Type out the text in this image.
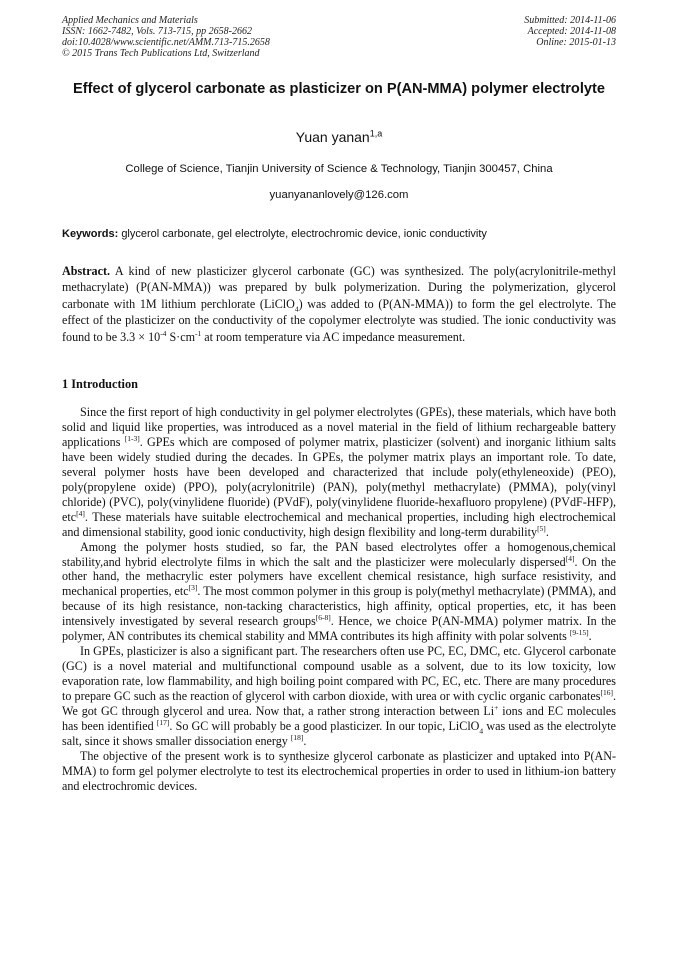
Applied Mechanics and Materials
ISSN: 1662-7482, Vols. 713-715, pp 2658-2662
doi:10.4028/www.scientific.net/AMM.713-715.2658
© 2015 Trans Tech Publications Ltd, Switzerland
Submitted: 2014-11-06
Accepted: 2014-11-08
Online: 2015-01-13
Effect of glycerol carbonate as plasticizer on P(AN-MMA) polymer electrolyte
Yuan yanan$^{1,a}$
College of Science, Tianjin University of Science & Technology, Tianjin 300457, China
yuanyananlovely@126.com
Keywords: glycerol carbonate, gel electrolyte, electrochromic device, ionic conductivity
Abstract. A kind of new plasticizer glycerol carbonate (GC) was synthesized. The poly(acrylonitrile-methyl methacrylate) (P(AN-MMA)) was prepared by bulk polymerization. During the polymerization, glycerol carbonate with 1M lithium perchlorate (LiClO$_4$) was added to (P(AN-MMA)) to form the gel electrolyte. The effect of the plasticizer on the conductivity of the copolymer electrolyte was studied. The ionic conductivity was found to be $3.3 \times 10^{-4}$ $S\cdot cm^{-1}$ at room temperature via AC impedance measurement.
1 Introduction

Since the first report of high conductivity in gel polymer electrolytes (GPEs), these materials, which have both solid and liquid like properties, was introduced as a novel material in the field of lithium rechargeable battery applications [1-3]. GPEs which are composed of polymer matrix, plasticizer (solvent) and inorganic lithium salts have been widely studied during the decades. In GPEs, the polymer matrix plays an important role. To date, several polymer hosts have been developed and characterized that include poly(ethyleneoxide) (PEO), poly(propylene oxide) (PPO), poly(acrylonitrile) (PAN), poly(methyl methacrylate) (PMMA), poly(vinyl chloride) (PVC), poly(vinylidene fluoride) (PVdF), poly(vinylidene fluoride-hexafluoro propylene) (PVdF-HFP), etc[4]. These materials have suitable electrochemical and mechanical properties, including high electrochemical and dimensional stability, good ionic conductivity, high design flexibility and long-term durability[5].

Among the polymer hosts studied, so far, the PAN based electrolytes offer a homogenous,chemical stability,and hybrid electrolyte films in which the salt and the plasticizer were molecularly dispersed[4]. On the other hand, the methacrylic ester polymers have excellent chemical resistance, high surface resistivity, and mechanical properties, etc[3]. The most common polymer in this group is poly(methyl methacrylate) (PMMA), and because of its high resistance, non-tacking characteristics, high affinity, optical properties, etc, it has been intensively investigated by several research groups[6-8]. Hence, we choice P(AN-MMA) polymer matrix. In the polymer, AN contributes its chemical stability and MMA contributes its high affinity with polar solvents [9-15].

In GPEs, plasticizer is also a significant part. The researchers often use PC, EC, DMC, etc. Glycerol carbonate (GC) is a novel material and multifunctional compound usable as a solvent, due to its low toxicity, low evaporation rate, low flammability, and high boiling point compared with PC, EC, etc. There are many procedures to prepare GC such as the reaction of glycerol with carbon dioxide, with urea or with cyclic organic carbonates[16]. We got GC through glycerol and urea. Now that, a rather strong interaction between Li+ ions and EC molecules has been identified [17]. So GC will probably be a good plasticizer. In our topic, LiClO$_4$ was used as the electrolyte salt, since it shows smaller dissociation energy [18].

The objective of the present work is to synthesize glycerol carbonate as plasticizer and uptaked into P(AN-MMA) to form gel polymer electrolyte to test its electrochemical properties in order to used in lithium-ion battery and electrochromic devices.
